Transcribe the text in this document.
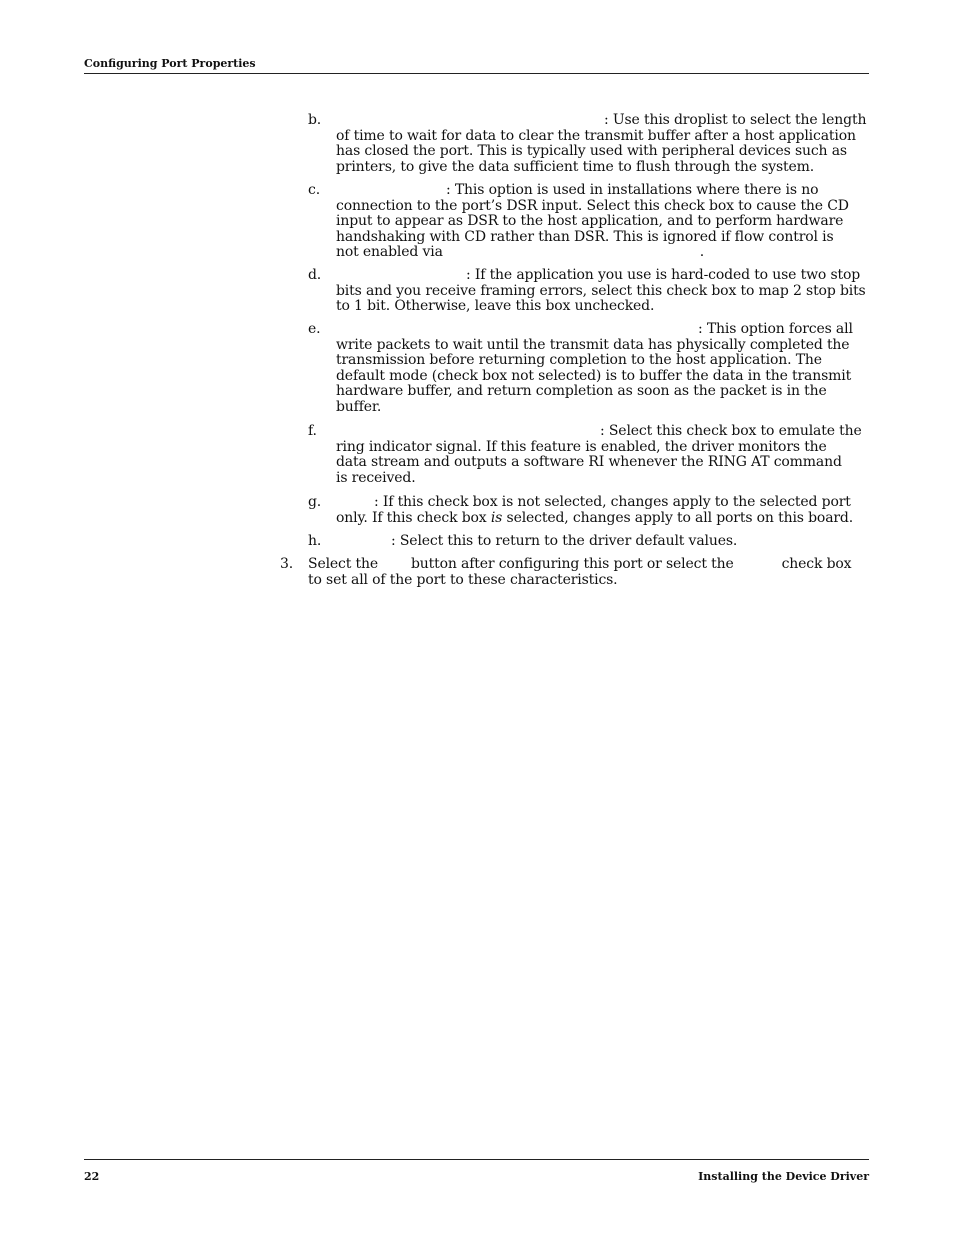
Configuring Port Properties
b.	: Use this droplist to select the length
of time to wait for data to clear the transmit buffer after a host application
has closed the port. This is typically used with peripheral devices such as
printers, to give the data sufficient time to flush through the system.
c.	: This option is used in installations where there is no
connection to the port’s DSR input. Select this check box to cause the CD
input to appear as DSR to the host application, and to perform hardware
handshaking with CD rather than DSR. This is ignored if flow control is
not enabled via	.
d.	: If the application you use is hard-coded to use two stop
bits and you receive framing errors, select this check box to map 2 stop bits
to 1 bit. Otherwise, leave this box unchecked.
e.	: This option forces all
write packets to wait until the transmit data has physically completed the
transmission before returning completion to the host application. The
default mode (check box not selected) is to buffer the data in the transmit
hardware buffer, and return completion as soon as the packet is in the
buffer.
f.	: Select this check box to emulate the
ring indicator signal. If this feature is enabled, the driver monitors the
data stream and outputs a software RI whenever the RING AT command
is received.
g.	: If this check box is not selected, changes apply to the selected port
only. If this check box is selected, changes apply to all ports on this board.
h.	: Select this to return to the driver default values.
3. Select the button after configuring this port or select the	check box
to set all of the port to these characteristics.
22	Installing the Device Driver
